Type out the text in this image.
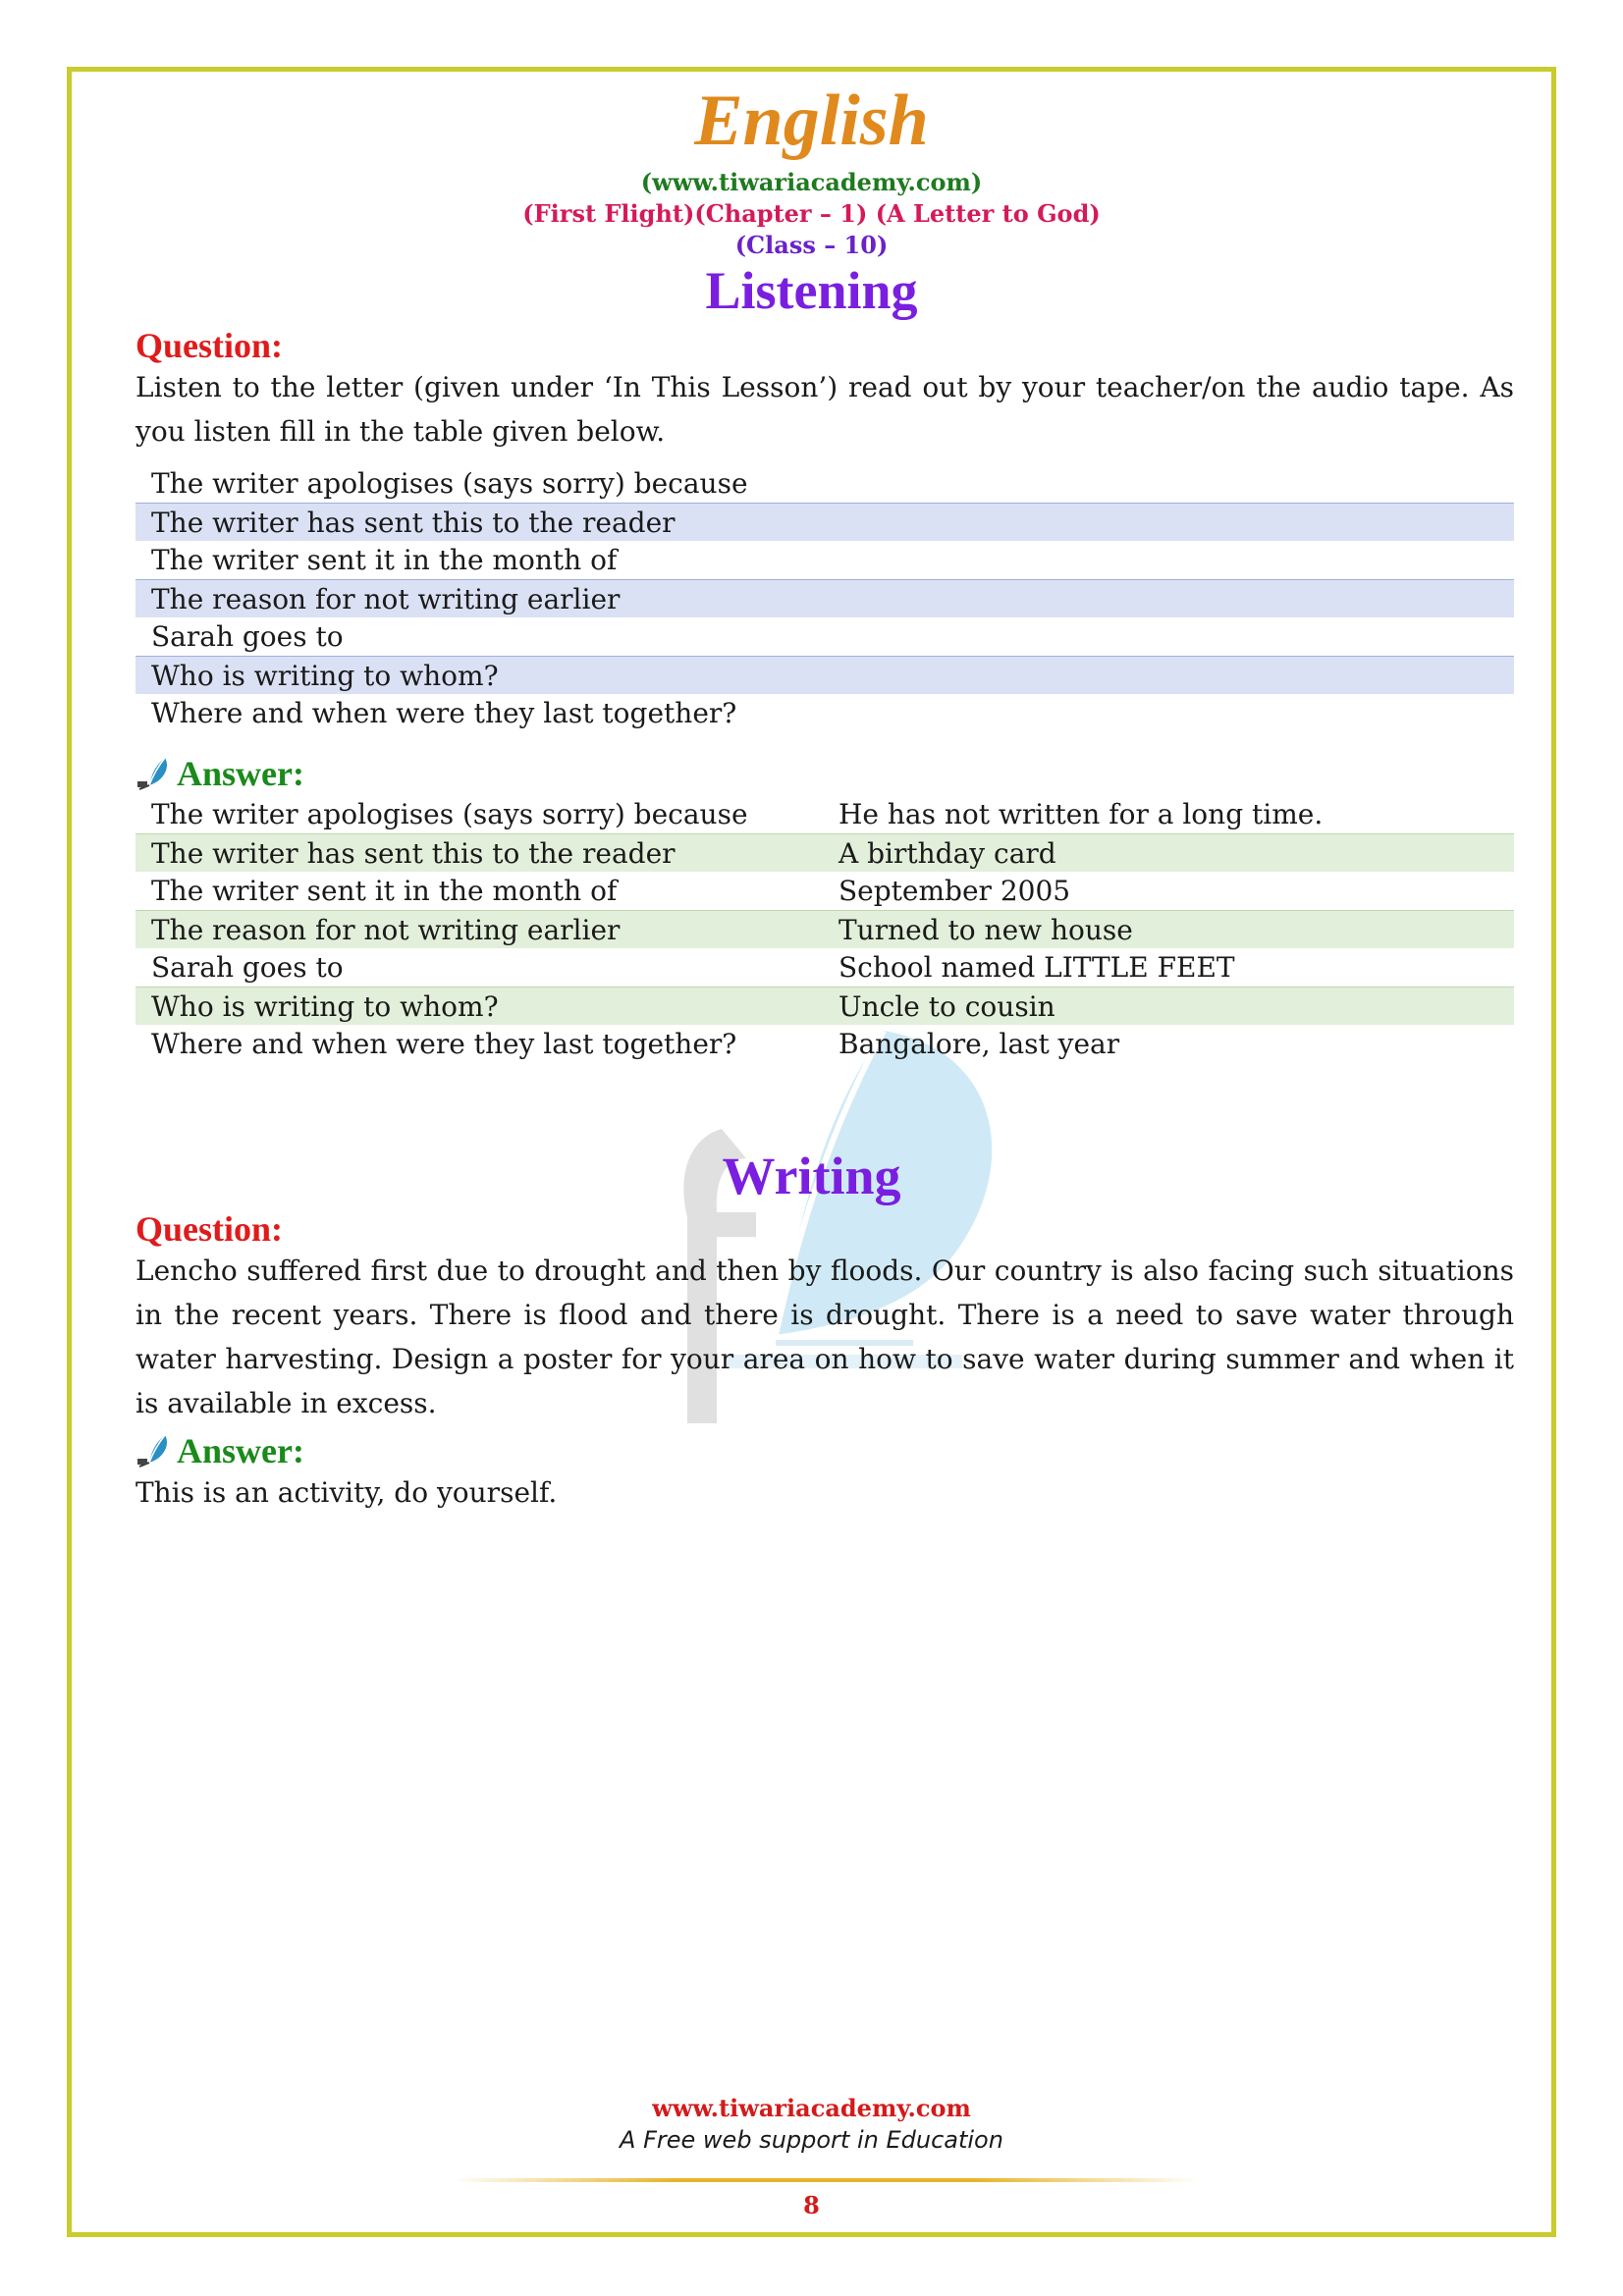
English
(www.tiwariacademy.com)
(First Flight)(Chapter – 1) (A Letter to God)
(Class – 10)
Listening
Question:

Listen to the letter (given under ‘In This Lesson’) read out by your teacher/on the audio tape. As you listen fill in the table given below.

The writer apologises (says sorry) because
The writer has sent this to the reader
The writer sent it in the month of
The reason for not writing earlier
Sarah goes to
Who is writing to whom?
Where and when were they last together?
Answer:
The writer apologises (says sorry) because	He has not written for a long time.
The writer has sent this to the reader	A birthday card
The writer sent it in the month of	September 2005
The reason for not writing earlier	Turned to new house
Sarah goes to	School named LITTLE FEET
Who is writing to whom?	Uncle to cousin
Where and when were they last together?	Bangalore, last year
Writing
Question:

Lencho suffered first due to drought and then by floods. Our country is also facing such situations in the recent years. There is flood and there is drought. There is a need to save water through water harvesting. Design a poster for your area on how to save water during summer and when it is available in excess.

Answer:

This is an activity, do yourself.

www.tiwariacademy.com
A Free web support in Education
8
